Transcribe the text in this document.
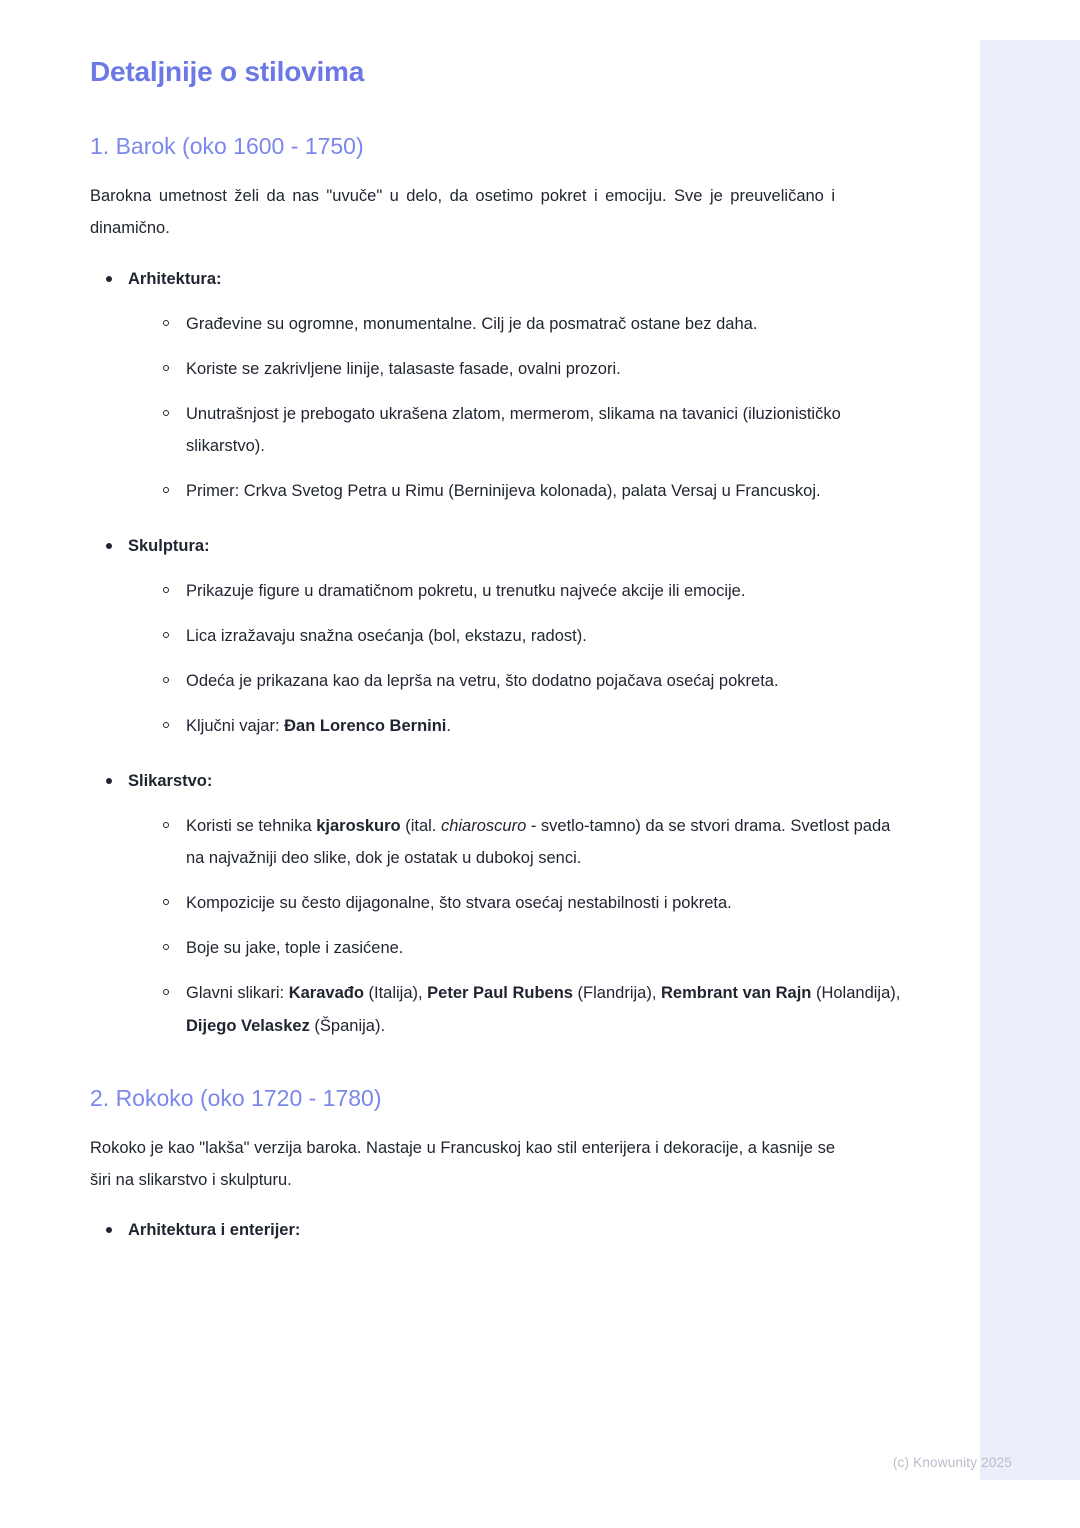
Detaljnije o stilovima
1. Barok (oko 1600 - 1750)

Barokna umetnost želi da nas "uvuče" u delo, da osetimo pokret i emociju. Sve je preuveličano i dinamično.

Arhitektura:
Građevine su ogromne, monumentalne. Cilj je da posmatrač ostane bez daha.
Koriste se zakrivljene linije, talasaste fasade, ovalni prozori.
Unutrašnjost je prebogato ukrašena zlatom, mermerom, slikama na tavanici (iluzionističko slikarstvo).
Primer: Crkva Svetog Petra u Rimu (Berninijeva kolonada), palata Versaj u Francuskoj.
Skulptura:
Prikazuje figure u dramatičnom pokretu, u trenutku najveće akcije ili emocije.
Lica izražavaju snažna osećanja (bol, ekstazu, radost).
Odeća je prikazana kao da leprša na vetru, što dodatno pojačava osećaj pokreta.
Ključni vajar: Đan Lorenco Bernini.
Slikarstvo:
Koristi se tehnika kjaroskuro (ital. chiaroscuro - svetlo-tamno) da se stvori drama. Svetlost pada na najvažniji deo slike, dok je ostatak u dubokoj senci.
Kompozicije su često dijagonalne, što stvara osećaj nestabilnosti i pokreta.
Boje su jake, tople i zasićene.
Glavni slikari: Karavađo (Italija), Peter Paul Rubens (Flandrija), Rembrant van Rajn (Holandija), Dijego Velaskez (Španija).
2. Rokoko (oko 1720 - 1780)

Rokoko je kao "lakša" verzija baroka. Nastaje u Francuskoj kao stil enterijera i dekoracije, a kasnije se širi na slikarstvo i skulpturu.

Arhitektura i enterijer:
(c) Knowunity 2025
